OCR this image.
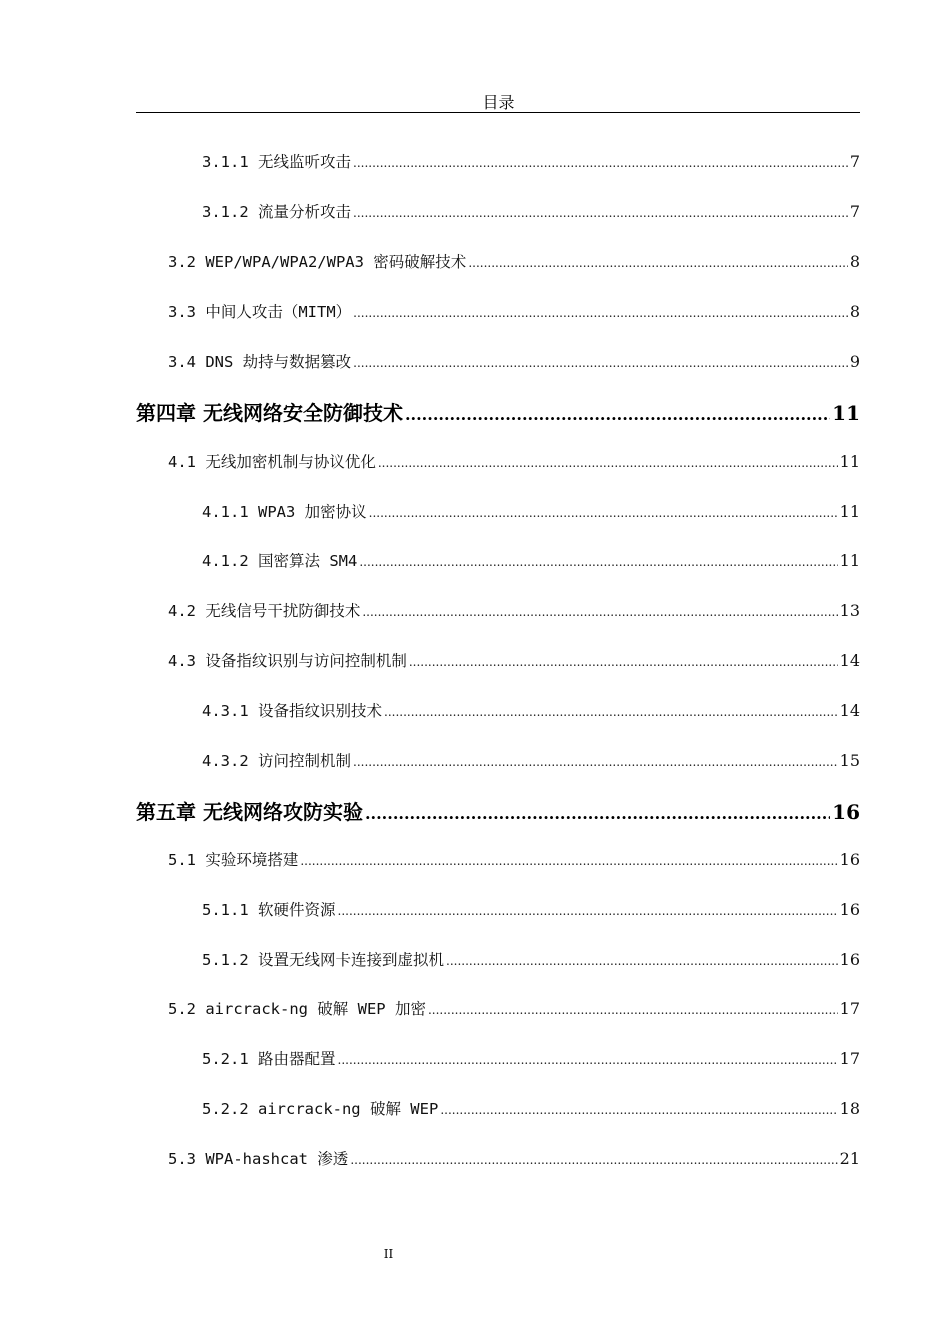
目录
3.1.1 无线监听攻击 .....	7
3.1.2 流量分析攻击 .....	7
3.2 WEP/WPA/WPA2/WPA3 密码破解技术 .....	8
3.3 中间人攻击（MITM） .....	8
3.4 DNS 劫持与数据篡改 .....	9
第四章 无线网络安全防御技术 .....	11
4.1 无线加密机制与协议优化 .....	11
4.1.1 WPA3 加密协议 .....	11
4.1.2 国密算法 SM4 .....	11
4.2 无线信号干扰防御技术 .....	13
4.3 设备指纹识别与访问控制机制 .....	14
4.3.1 设备指纹识别技术 .....	14
4.3.2 访问控制机制 .....	15
第五章 无线网络攻防实验 .....	16
5.1 实验环境搭建 .....	16
5.1.1 软硬件资源 .....	16
5.1.2 设置无线网卡连接到虚拟机 .....	16
5.2 aircrack-ng 破解 WEP 加密 .....	17
5.2.1 路由器配置 .....	17
5.2.2 aircrack-ng 破解 WEP .....	18
5.3 WPA-hashcat 渗透 .....	21
II
